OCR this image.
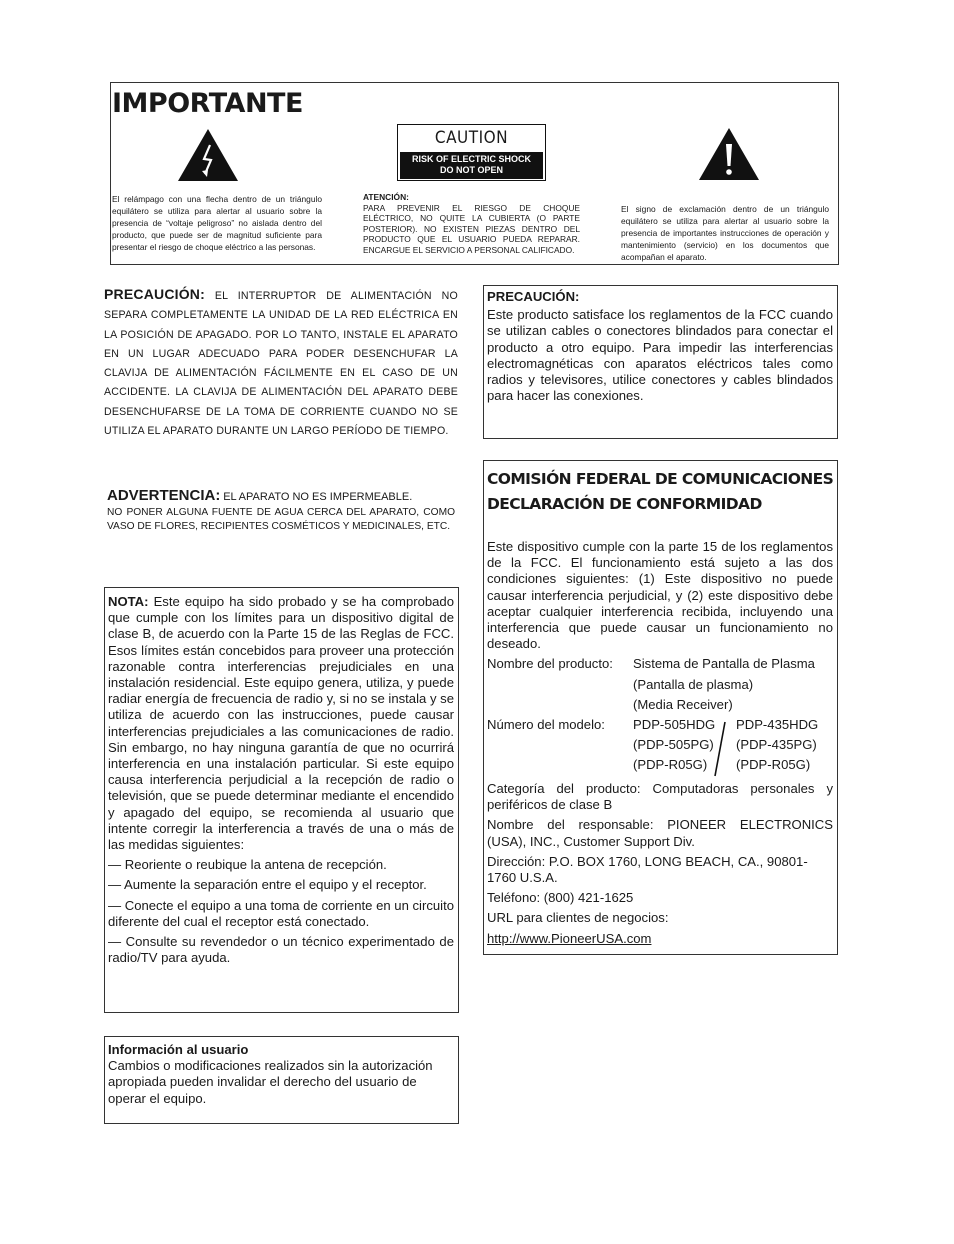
IMPORTANTE
El relámpago con una flecha dentro de un triángulo equilátero se utiliza para alertar al usuario sobre la presencia de “voltaje peligroso” no aislada dentro del producto, que puede ser de magnitud suficiente para presentar el riesgo de choque eléctrico a las personas.
CAUTION
RISK OF ELECTRIC SHOCK
DO NOT OPEN
ATENCIÓN:
PARA PREVENIR EL RIESGO DE CHOQUE ELÉCTRICO, NO QUITE LA CUBIERTA (O PARTE POSTERIOR). NO EXISTEN PIEZAS DENTRO DEL PRODUCTO QUE EL USUARIO PUEDA REPARAR. ENCARGUE EL SERVICIO A PERSONAL CALIFICADO.
El signo de exclamación dentro de un triángulo equilátero se utiliza para alertar al usuario sobre la presencia de importantes instrucciones de operación y mantenimiento (servicio) en los documentos que acompañan el aparato.
PRECAUCIÓN: EL INTERRUPTOR DE ALIMENTACIÓN NO SEPARA COMPLETAMENTE LA UNIDAD DE LA RED ELÉCTRICA EN LA POSICIÓN DE APAGADO. POR LO TANTO, INSTALE EL APARATO EN UN LUGAR ADECUADO PARA PODER DESENCHUFAR LA CLAVIJA DE ALIMENTACIÓN FÁCILMENTE EN EL CASO DE UN ACCIDENTE. LA CLAVIJA DE ALIMENTACIÓN DEL APARATO DEBE DESENCHUFARSE DE LA TOMA DE CORRIENTE CUANDO NO SE UTILIZA EL APARATO DURANTE UN LARGO PERÍODO DE TIEMPO.
ADVERTENCIA: EL APARATO NO ES IMPERMEABLE.
NO PONER ALGUNA FUENTE DE AGUA CERCA DEL APARATO, COMO VASO DE FLORES, RECIPIENTES COSMÉTICOS Y MEDICINALES, ETC.

NOTA: Este equipo ha sido probado y se ha comprobado que cumple con los límites para un dispositivo digital de clase B, de acuerdo con la Parte 15 de las Reglas de FCC. Esos límites están concebidos para proveer una protección razonable contra interferencias prejudiciales en una instalación residencial. Este equipo genera, utiliza, y puede radiar energía de frecuencia de radio y, si no se instala y se utiliza de acuerdo con las instrucciones, puede causar interferencias prejudiciales a las comunicaciones de radio. Sin embargo, no hay ninguna garantía de que no ocurrirá interferencia en una instalación particular. Si este equipo causa interferencia perjudicial a la recepción de radio o televisión, que se puede determinar mediante el encendido y apagado del equipo, se recomienda al usuario que intente corregir la interferencia a través de una o más de las medidas siguientes:

— Reoriente o reubique la antena de recepción.

— Aumente la separación entre el equipo y el receptor.

— Conecte el equipo a una toma de corriente en un circuito diferente del cual el receptor está conectado.

— Consulte su revendedor o un técnico experimentado de radio/TV para ayuda.

Información al usuario

Cambios o modificaciones realizados sin la autorización apropiada pueden invalidar el derecho del usuario de operar el equipo.

PRECAUCIÓN:

Este producto satisface los reglamentos de la FCC cuando se utilizan cables o conectores blindados para conectar el producto a otro equipo. Para impedir las interferencias electromagnéticas con aparatos eléctricos tales como radios y televisores, utilice conectores y cables blindados para hacer las conexiones.

COMISIÓN FEDERAL DE COMUNICACIONES
DECLARACIÓN DE CONFORMIDAD

Este dispositivo cumple con la parte 15 de los reglamentos de la FCC. El funcionamiento está sujeto a las dos condiciones siguientes: (1) Este dispositivo no puede causar interferencia perjudicial, y (2) este dispositivo debe aceptar cualquier interferencia recibida, incluyendo una interferencia que puede causar un funcionamiento no deseado.

Nombre del producto:	Sistema de Pantalla de Plasma
(Pantalla de plasma)
(Media Receiver)
Número del modelo: PDP-505HDG
(PDP-505PG)
(PDP-R05G)
PDP-435HDG
(PDP-435PG)
(PDP-R05G)

Categoría del producto: Computadoras personales y periféricos de clase B

Nombre del responsable: PIONEER ELECTRONICS (USA), INC., Customer Support Div.

Dirección: P.O. BOX 1760, LONG BEACH, CA., 90801-1760 U.S.A.

Teléfono: (800) 421-1625

URL para clientes de negocios:

http://www.PioneerUSA.com
